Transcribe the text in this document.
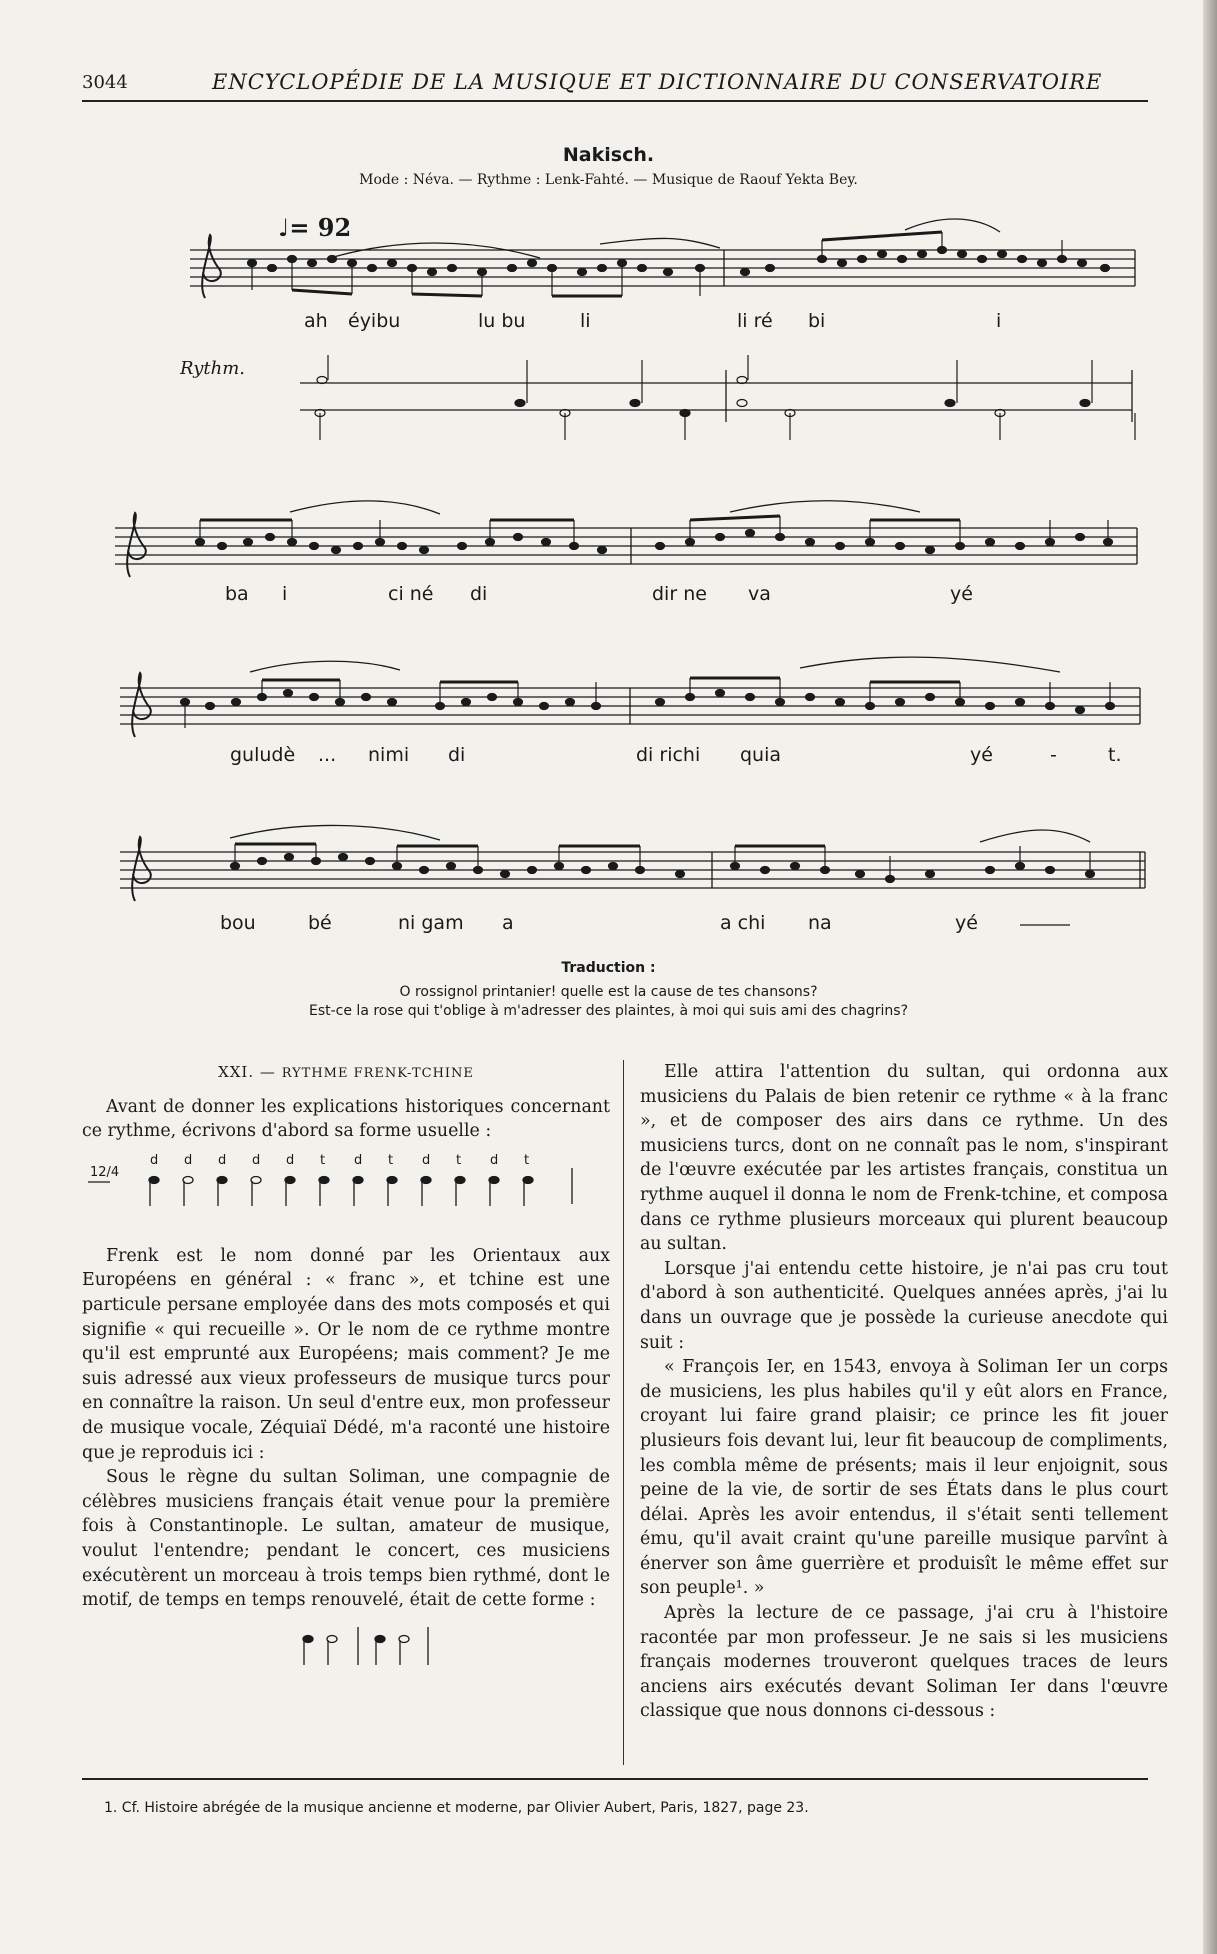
3044	ENCYCLOPÉDIE DE LA MUSIQUE ET DICTIONNAIRE DU CONSERVATOIRE
Nakisch.
Mode : Néva. — Rythme : Lenk-Fahté. — Musique de Raouf Yekta Bey.
♩= 92
Rythm.
ah éyibu	lu bu	li	li ré bi	i
ba i	ci né di	dir ne va	yé
guludè ... nimi di	di richi quia	yé	-	t.
bou	bé	ni gam a	a chi na	yé
Traduction :
O rossignol printanier! quelle est la cause de tes chansons?
Est-ce la rose qui t'oblige à m'adresser des plaintes, à moi qui suis ami des chagrins?
XXI. — RYTHME FRENK-TCHINE

Avant de donner les explications historiques concernant ce rythme, écrivons d'abord sa forme usuelle :

12/4
d d d d d t d t d t d t

Frenk est le nom donné par les Orientaux aux Européens en général : « franc », et tchine est une particule persane employée dans des mots composés et qui signifie « qui recueille ». Or le nom de ce rythme montre qu'il est emprunté aux Européens; mais comment? Je me suis adressé aux vieux professeurs de musique turcs pour en connaître la raison. Un seul d'entre eux, mon professeur de musique vocale, Zéquiaï Dédé, m'a raconté une histoire que je reproduis ici :

Sous le règne du sultan Soliman, une compagnie de célèbres musiciens français était venue pour la première fois à Constantinople. Le sultan, amateur de musique, voulut l'entendre; pendant le concert, ces musiciens exécutèrent un morceau à trois temps bien rythmé, dont le motif, de temps en temps renouvelé, était de cette forme :

Elle attira l'attention du sultan, qui ordonna aux musiciens du Palais de bien retenir ce rythme « à la franc », et de composer des airs dans ce rythme. Un des musiciens turcs, dont on ne connaît pas le nom, s'inspirant de l'œuvre exécutée par les artistes français, constitua un rythme auquel il donna le nom de Frenk-tchine, et composa dans ce rythme plusieurs morceaux qui plurent beaucoup au sultan.

Lorsque j'ai entendu cette histoire, je n'ai pas cru tout d'abord à son authenticité. Quelques années après, j'ai lu dans un ouvrage que je possède la curieuse anecdote qui suit :

« François Ier, en 1543, envoya à Soliman Ier un corps de musiciens, les plus habiles qu'il y eût alors en France, croyant lui faire grand plaisir; ce prince les fit jouer plusieurs fois devant lui, leur fit beaucoup de compliments, les combla même de présents; mais il leur enjoignit, sous peine de la vie, de sortir de ses États dans le plus court délai. Après les avoir entendus, il s'était senti tellement ému, qu'il avait craint qu'une pareille musique parvînt à énerver son âme guerrière et produisît le même effet sur son peuple¹. »

Après la lecture de ce passage, j'ai cru à l'histoire racontée par mon professeur. Je ne sais si les musiciens français modernes trouveront quelques traces de leurs anciens airs exécutés devant Soliman Ier dans l'œuvre classique que nous donnons ci-dessous :

1. Cf. Histoire abrégée de la musique ancienne et moderne, par Olivier Aubert, Paris, 1827, page 23.
